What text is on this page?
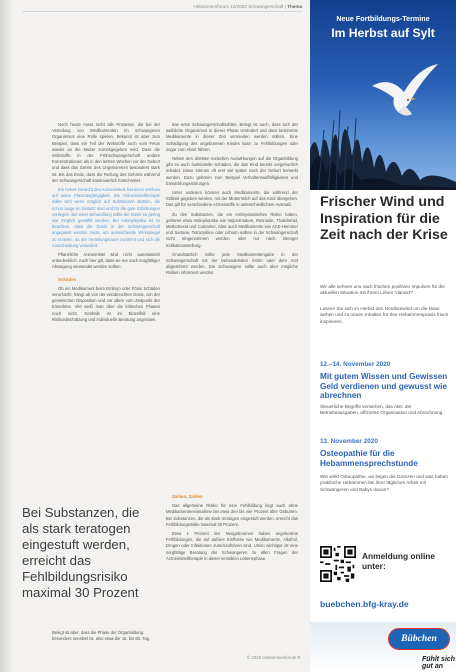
Hebammenforum 10/2020 Schwangerschaft | Thema

Noch heute muss nicht alle Prozesse, die bei der Verteilung von Medikamenten im schwangeren Organismus eine Rolle spielen. Bekannt ist aber zum Beispiel, dass ein Teil der Wirkstoffe auch vom Fetus wieder an die Mutter zurückgegeben wird. Dass die Wirkstoffe in der Frühschwangerschaft andere Konzentrationen als in den letzten Wochen vor der Geburt und dass das Gehirn des Ungeborenen besonders stark ist. Bis das Ende, dass die Reifung des Gehirns während der Schwangerschaft kontinuierlich fortschreitet.

Ein hohes Gewicht des Arzneimittels hat einen Einfluss auf seine Plazentagängigkeit. Die Arzneimitteltherapie sollte sich wenn möglich auf Substanzen stützen, die schon lange im Einsatz sind und für die gute Erfahrungen vorliegen. Bei einer Behandlung sollte die Dosis so gering wie möglich gewählt werden. Bei Antiepileptika ist zu beachten, dass die Dosis in der Schwangerschaft angepasst werden muss, um ausreichende Wirkspiegel zu erzielen, da der Verteilungsraum zunimmt und sich die Ausscheidung verändert.

Pflanzliche Arzneimittel sind nicht automatisch unbedenklich. Auch hier gilt, dass sie nur nach sorgfältiger Abwägung verwendet werden sollten.

Schäden

Ob ein Medikament beim Embryo oder Fötus Schäden verursacht, hängt ab von der verabreichten Dosis, von der genetischen Disposition und vor allem vom Zeitpunkt der Einnahme. Viel weiß man über die kritischen Phasen noch nicht. Deshalb ist im Einzelfall eine Risikoabschätzung und individuelle Beratung angeraten.

Bei Substanzen, die als stark teratogen eingestuft werden, erreicht das Fehlbildungsrisiko maximal 30 Prozent
Belegt ist aber, dass die Phase der Organbildung besonders sensibel ist, also etwa der 15. bis 60. Tag.

das erste Schwangerschaftsdrittel. Belegt ist auch, dass sich der weibliche Organismus in dieser Phase verändert und dass bestimmte Medikamente in dieser Zeit vermieden werden sollten. Eine Schädigung des ungeborenen Kindes kann zu Fehlbildungen oder sogar zum Abort führen.

Neben den direkten toxischen Auswirkungen auf die Organbildung gibt es auch funktionelle Schäden, die das Kind bereits vorgeburtlich erleidet. Diese können oft erst viel später nach der Geburt bemerkt werden. Dazu gehören zum Beispiel Verhaltensauffälligkeiten und Entwicklungsstörungen.

Unter anderem können auch Medikamente, die während der Stillzeit gegeben werden, mit der Muttermilch auf das Kind übergehen. Das gilt für verschiedene Arzneistoffe in unterschiedlichem Ausmaß.

Zu den Substanzen, die ein embryotoxisches Risiko haben, gehören etwa Antiepileptika wie Valproinsäure, Retinoide, Thalidomid, Methotrexat und Cumarine. Aber auch Medikamente wie ACE-Hemmer und Sartane, Tetrazykline oder Lithium sollten in der Schwangerschaft nicht eingenommen werden, oder nur nach strenger Indikationsstellung.

Grundsätzlich sollte jede Medikamentengabe in der Schwangerschaft mit der behandelnden Ärztin oder dem Arzt abgestimmt werden. Die Schwangere sollte auch über mögliche Risiken informiert werden.

Zahlen, Zahlen

Das allgemeine Risiko für eine Fehlbildung liegt auch ohne Medikamenteneinnahme bei etwa drei bis vier Prozent aller Geburten. Bei Substanzen, die als stark teratogen eingestuft werden, erreicht das Fehlbildungsrisiko maximal 30 Prozent.

Etwa 1 Prozent der Neugeborenen haben angeborene Fehlbildungen, die auf äußere Einflüsse wie Medikamente, Alkohol, Drogen oder Infektionen zurückzuführen sind. Umso wichtiger ist eine sorgfältige Beratung der Schwangeren zu allen Fragen der Arzneimitteltherapie in dieser sensiblen Lebensphase.

© 2020 Hebammenforum 9
Neue Fortbildungs-Termine
Im Herbst auf Sylt
Frischer Wind und Inspiration für die Zeit nach der Krise
Wir alle sehnen uns nach frischen positiven Impulsen für die aktuellen Situation mit ihrem Leben "danach".
Lassen Sie sich im Herbst den Nordseewind um die Nase wehen und zu neuen Inhalten für Ihre Hebammenpraxis frisch inspirieren.
12.–14. November 2020
Mit gutem Wissen und Gewissen Geld verdienen und gewusst wie abrechnen
Steuerliche Begriffe verstehen, das ABC der Betriebsausgaben, effiziente Organisation und Abrechnung.
13. November 2020
Osteopathie für die Hebammensprechstunde
Wie wirkt Osteopathie, wo liegen die Grenzen und was haben praktische Hebammen bei ihrer täglichen Arbeit mit Schwangeren und Babys davon?
Anmeldung online unter:
buebchen.bfg-kray.de
Bübchen
Fühlt sich gut an
